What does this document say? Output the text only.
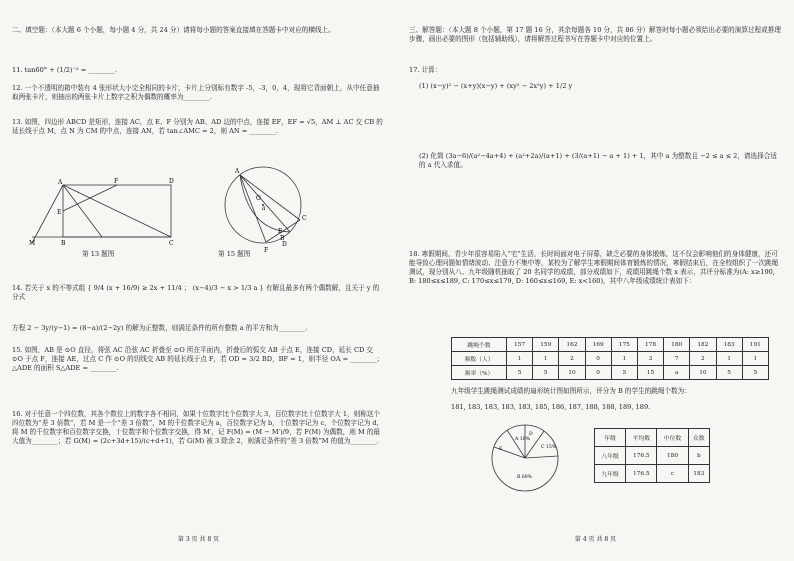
二、填空题：（本大题 6 个小题，每小题 4 分，共 24 分）请将每小题的答案直接填在答题卡中对应的横线上。
11. tan60° + (1/2)⁻² = ________.
12. 一个不透明的箱中装有 4 张形状大小完全相同的卡片，卡片上分别标有数字 -5，-3，0，4，现将它背面朝上，从中任意抽取两张卡片，则抽出的两张卡片上数字之积为偶数的概率为________.
13. 如图，四边形 ABCD 是矩形，连接 AC，点 E、F 分别为 AB、AD 边的中点，连接 EF，EF = √5，AM ⊥ AC 交 CB 的延长线于点 M，点 N 为 CM 的中点，连接 AN，若 tan∠AMC = 2，则 AN = ________.
A	F	D
E
M	B	C
第 13 题图
A
O
a
E
B
C
D
F
第 15 题图
14. 若关于 x 的不等式组 { 9/4 (x + 16/9) ≥ 2x + 11/4 ； (x−4)/3 − x > 1/3 a } 有解且最多有两个偶数解，且关于 y 的分式
方程 2 − 3y/(y−1) = (8−a)/(2−2y) 的解为正整数，则满足条件的所有整数 a 的平方和为________.
15. 如图，AB 是 ⊙O 直径，将弦 AC 沿弦 AC 折叠至 ⊙O 所在平面内，折叠后的弧交 AB 于点 E，连接 CD，延长 CD 交 ⊙O 于点 F，连接 AE，过点 C 作 ⊙O 的切线交 AB 的延长线于点 F，若 OD = 3/2 BD，BF = 1，则半径 OA = ________；△ADE 的面积 S△ADE = ________.
16. 对于任意一个四位数，其各个数位上的数字各不相同，如果十位数字比个位数字大 3，百位数字比十位数字大 1，则称这个四位数为“差 3 倍数”，若 M 是一个“差 3 倍数”，M 的千位数字记为 a，百位数字记为 b，十位数字记为 c，个位数字记为 d，将 M 的千位数字和百位数字交换，十位数字和个位数字交换，得 M′，记 F(M) = (M − M′)/9，若 F(M) 为偶数，则 M 的最大值为________；若 G(M) = (2c+3d+15)/(c+d+1)，若 G(M) 被 3 除余 2，则满足条件的“差 3 倍数”M 的值为________.
第 3 页 共 8 页
三、解答题：（本大题 8 个小题，第 17 题 16 分，其余每题各 10 分，共 86 分）解答时每小题必须给出必要的演算过程或推理步骤，画出必要的图形（包括辅助线），请将解答过程书写在答题卡中对应的位置上。
17. 计算：
(1) (x−y)² − (x+y)(x−y) + (xy² − 2x²y) + 1/2 y
(2) 化简 (3a−6)/(a²−4a+4) + (a²+2a)/(a+1) + (3/(a+1) − a + 1) + 1，其中 a 为整数且 −2 ≤ a ≤ 2，请选择合适的 a 代入求值。
18. 寒假期间，青少年很容易陷入“宅”生活，长时间面对电子屏幕，缺乏必要的身体锻炼，这不仅会影响他们的身体健康，还可能导致心理问题如情绪波动、注意力不集中等，某校为了解学生寒假期间体育锻炼的情况，寒假结束后，在全校组织了一次跳绳测试，现分别从八、九年级随机抽取了 20 名同学的成绩，部分成绩如下，成绩用跳绳个数 x 表示，共评分标准为(A: x≥190, B: 180≤x≤189, C: 170≤x≤179, D: 160≤x≤169, E: x<160)，其中八年级成绩统计表如下：
跳绳个数	157	159	162	169	175	178	180	182	183	191
频数（人）	1	1	2	0	1	3	7	2	1	1
频率（%）	5	5	10	0	5	15	a	10	5	5
九年级学生跳绳测试成绩的扇形统计图如图所示，评分为 B 的学生的跳绳个数为：
181, 183, 183, 183, 183, 185, 186, 187, 188, 188, 189, 189.
A 10%
B 60%
C 15%
D
E
年级	平均数	中位数	众数
八年级	176.5	180	b
九年级	176.5	c	183
第 4 页 共 8 页
